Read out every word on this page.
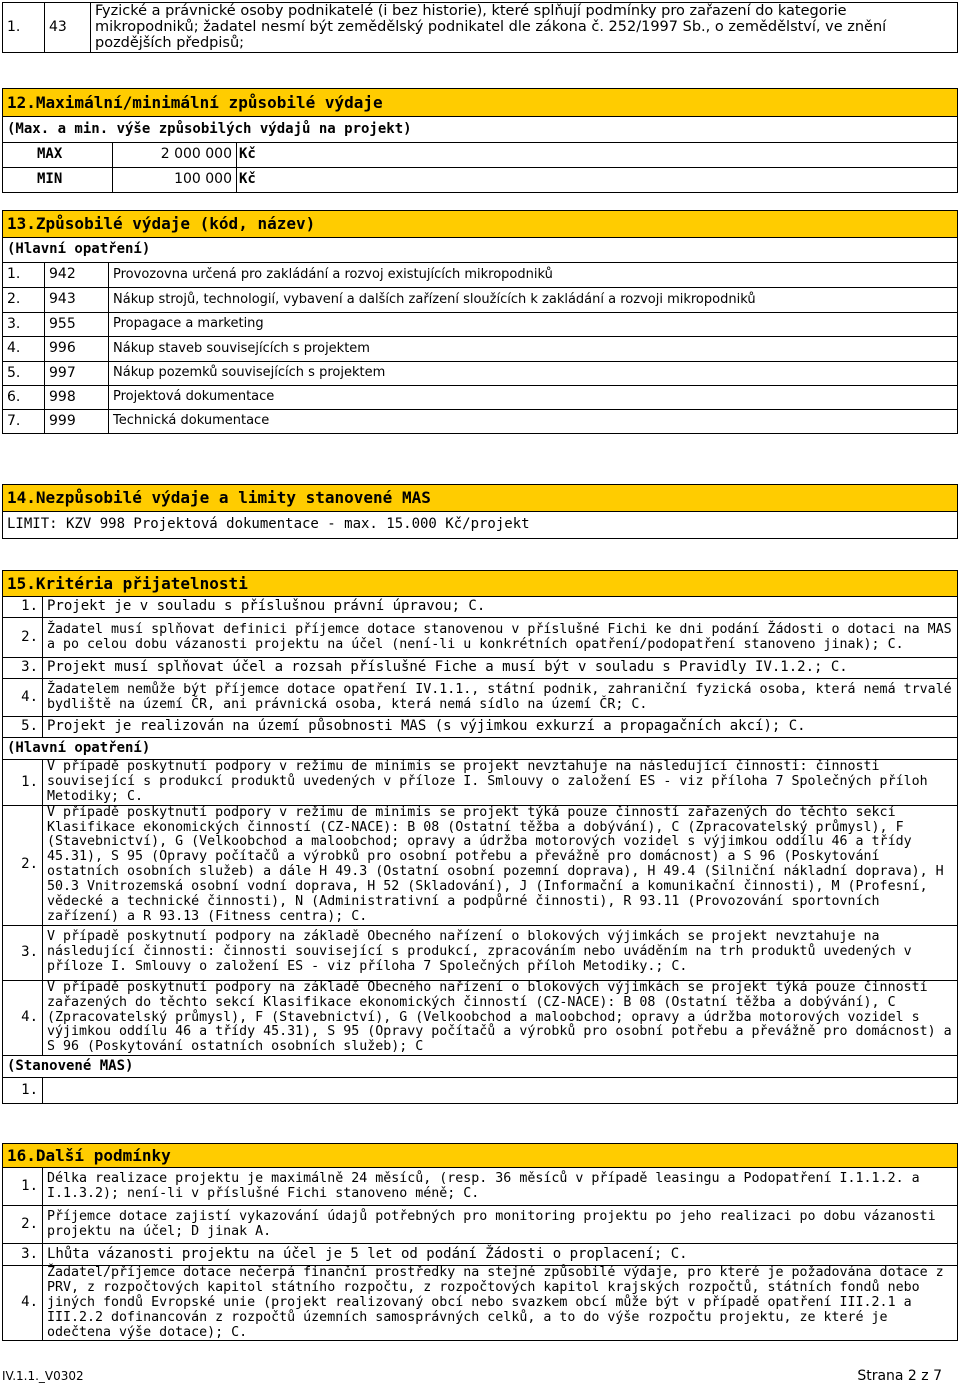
1.	43	Fyzické a právnické osoby podnikatelé (i bez historie), které splňují podmínky pro zařazení do kategorie mikropodniků; žadatel nesmí být zemědělský podnikatel dle zákona č. 252/1997 Sb., o zemědělství, ve znění pozdějších předpisů;
12.Maximální/minimální způsobilé výdaje		
(Max. a min. výše způsobilých výdajů na projekt)		
MAX	2 000 000	Kč
MIN	100 000	Kč
13.Způsobilé výdaje (kód, název)		
(Hlavní opatření)		
1.	942	Provozovna určená pro zakládání a rozvoj existujících mikropodniků
2.	943	Nákup strojů, technologií, vybavení a dalších zařízení sloužících k zakládání a rozvoji mikropodniků
3.	955	Propagace a marketing
4.	996	Nákup staveb souvisejících s projektem
5.	997	Nákup pozemků souvisejících s projektem
6.	998	Projektová dokumentace
7.	999	Technická dokumentace
14.Nezpůsobilé výdaje a limity stanovené MAS
LIMIT: KZV 998 Projektová dokumentace - max. 15.000 Kč/projekt
15.Kritéria přijatelnosti	
1.	Projekt je v souladu s příslušnou právní úpravou; C.
2.	Žadatel musí splňovat definici příjemce dotace stanovenou v příslušné Fichi ke dni podání Žádosti o dotaci na MAS a po celou dobu vázanosti projektu na účel (není-li u konkrétních opatření/podopatření stanoveno jinak); C.
3.	Projekt musí splňovat účel a rozsah příslušné Fiche a musí být v souladu s Pravidly IV.1.2.; C.
4.	Žadatelem nemůže být příjemce dotace opatření IV.1.1., státní podnik, zahraniční fyzická osoba, která nemá trvalé bydliště na území ČR, ani právnická osoba, která nemá sídlo na území ČR; C.
5.	Projekt je realizován na území působnosti MAS (s výjimkou exkurzí a propagačních akcí); C.
(Hlavní opatření)	
1.	V případě poskytnutí podpory v režimu de minimis se projekt nevztahuje na následující činnosti: činnosti související s produkcí produktů uvedených v příloze I. Smlouvy o založení ES - viz příloha 7 Společných příloh Metodiky; C.
2.	V případě poskytnutí podpory v režimu de minimis se projekt týká pouze činností zařazených do těchto sekcí Klasifikace ekonomických činností (CZ-NACE): B 08 (Ostatní těžba a dobývání), C (Zpracovatelský průmysl), F (Stavebnictví), G (Velkoobchod a maloobchod; opravy a údržba motorových vozidel s výjimkou oddílu 46 a třídy 45.31), S 95 (Opravy počítačů a výrobků pro osobní potřebu a převážně pro domácnost) a S 96 (Poskytování ostatních osobních služeb) a dále H 49.3 (Ostatní osobní pozemní doprava), H 49.4 (Silniční nákladní doprava), H 50.3 Vnitrozemská osobní vodní doprava, H 52 (Skladování), J (Informační a komunikační činnosti), M (Profesní, vědecké a technické činnosti), N (Administrativní a podpůrné činnosti), R 93.11 (Provozování sportovních zařízení) a R 93.13 (Fitness centra); C.
3.	V případě poskytnutí podpory na základě Obecného nařízení o blokových výjimkách se projekt nevztahuje na následující činnosti: činnosti související s produkcí, zpracováním nebo uváděním na trh produktů uvedených v příloze I. Smlouvy o založení ES - viz příloha 7 Společných příloh Metodiky.; C.
4.	V případě poskytnutí podpory na základě Obecného nařízení o blokových výjimkách se projekt týká pouze činností zařazených do těchto sekcí Klasifikace ekonomických činností (CZ-NACE): B 08 (Ostatní těžba a dobývání), C (Zpracovatelský průmysl), F (Stavebnictví), G (Velkoobchod a maloobchod; opravy a údržba motorových vozidel s výjimkou oddílu 46 a třídy 45.31), S 95 (Opravy počítačů a výrobků pro osobní potřebu a převážně pro domácnost) a S 96 (Poskytování ostatních osobních služeb); C
(Stanovené MAS)	
1.	
16.Další podmínky	
1.	Délka realizace projektu je maximálně 24 měsíců, (resp. 36 měsíců v případě leasingu a Podopatření I.1.1.2. a I.1.3.2); není-li v příslušné Fichi stanoveno méně; C.
2.	Příjemce dotace zajistí vykazování údajů potřebných pro monitoring projektu po jeho realizaci po dobu vázanosti projektu na účel; D jinak A.
3.	Lhůta vázanosti projektu na účel je 5 let od podání Žádosti o proplacení; C.
4.	Žadatel/příjemce dotace nečerpá finanční prostředky na stejné způsobilé výdaje, pro které je požadována dotace z PRV, z rozpočtových kapitol státního rozpočtu, z rozpočtových kapitol krajských rozpočtů, státních fondů nebo jiných fondů Evropské unie (projekt realizovaný obcí nebo svazkem obcí může být v případě opatření III.2.1 a III.2.2 dofinancován z rozpočtů územních samosprávných celků, a to do výše rozpočtu projektu, ze které je odečtena výše dotace); C.
IV.1.1._V0302	Strana 2 z 7
